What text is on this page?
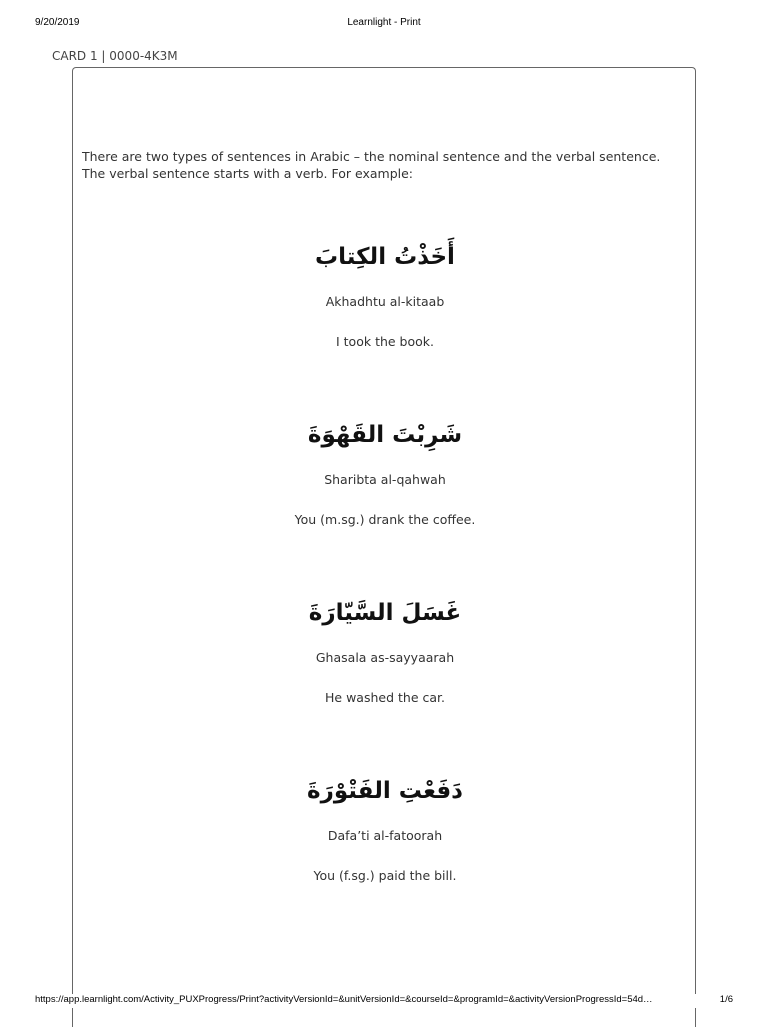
9/20/2019	Learnlight - Print
CARD 1 | 0000-4K3M

There are two types of sentences in Arabic – the nominal sentence and the verbal sentence.

The verbal sentence starts with a verb. For example:

أَخَذْتُ الكِتابَ
Akhadhtu al-kitaab
I took the book.
شَرِبْتَ القَهْوَةَ
Sharibta al-qahwah
You (m.sg.) drank the coffee.
غَسَلَ السَّيّارَةَ
Ghasala as-sayyaarah
He washed the car.
دَفَعْتِ الفَتْوْرَةَ
Dafa’ti al-fatoorah
You (f.sg.) paid the bill.
https://app.learnlight.com/Activity_PUXProgress/Print?activityVersionId=&unitVersionId=&courseId=&programId=&activityVersionProgressId=54d…	1/6
